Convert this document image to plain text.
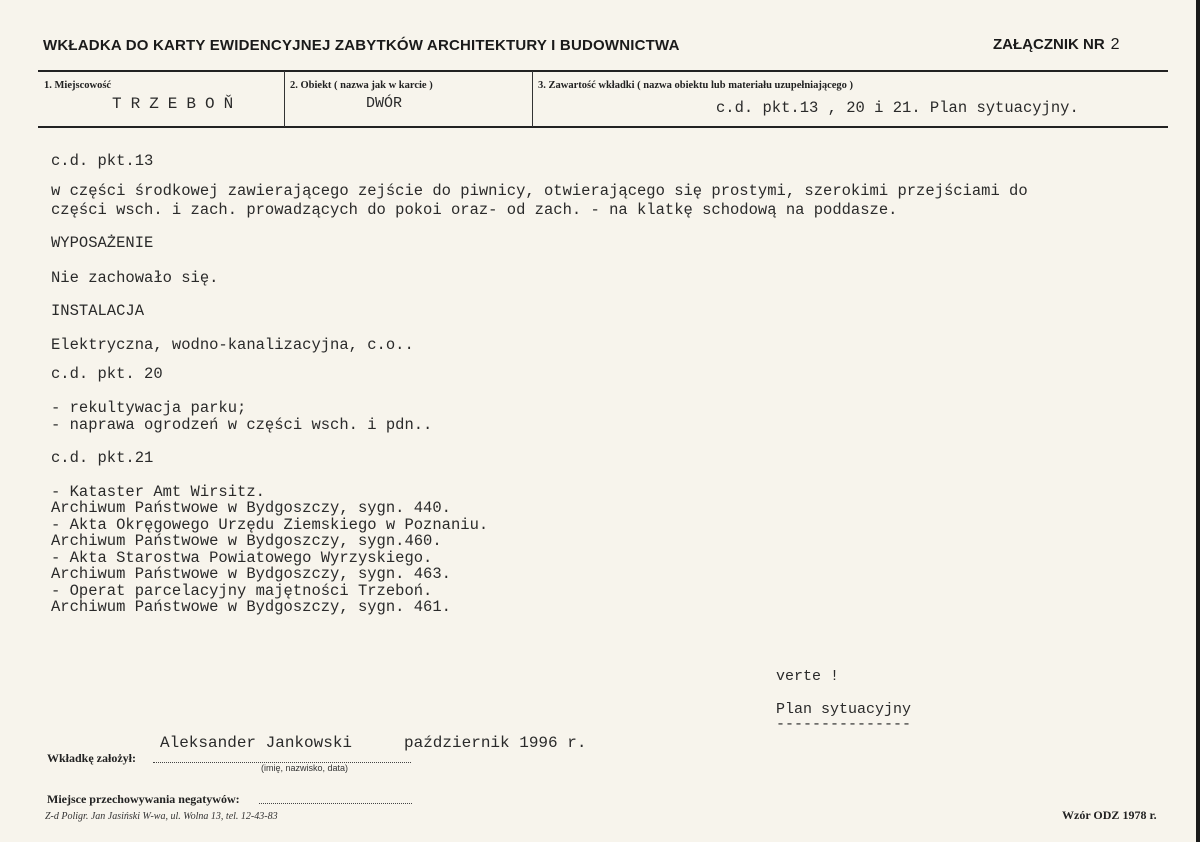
WKŁADKA DO KARTY EWIDENCYJNEJ ZABYTKÓW ARCHITEKTURY I BUDOWNICTWA	ZAŁĄCZNIK NR 2
1. Miejscowość	2. Obiekt ( nazwa jak w karcie )	3. Zawartość wkładki ( nazwa obiektu lub materiału uzupełniającego )
TRZEBOŇ	DWÓR	c.d. pkt.13 , 20 i 21. Plan sytuacyjny.

c.d. pkt.13

w części środkowej zawierającego zejście do piwnicy, otwierającego się prostymi, szerokimi przejściami do

części wsch. i zach. prowadzących do pokoi oraz- od zach. - na klatkę schodową na poddasze.

WYPOSAŻENIE

Nie zachowało się.

INSTALACJA

Elektryczna, wodno-kanalizacyjna, c.o..

c.d. pkt. 20

- rekultywacja parku;

- naprawa ogrodzeń w części wsch. i pdn..

c.d. pkt.21

- Kataster Amt Wirsitz.

Archiwum Państwowe w Bydgoszczy, sygn. 440.

- Akta Okręgowego Urzędu Ziemskiego w Poznaniu.

Archiwum Państwowe w Bydgoszczy, sygn.460.

- Akta Starostwa Powiatowego Wyrzyskiego.

Archiwum Państwowe w Bydgoszczy, sygn. 463.

- Operat parcelacyjny majętności Trzeboń.

Archiwum Państwowe w Bydgoszczy, sygn. 461.

verte !
Plan sytuacyjny
---------------
Aleksander Jankowski	październik 1996 r.
Wkładkę założył:
(imię, nazwisko, data)
Miejsce przechowywania negatywów:
Z-d Poligr. Jan Jasiński W-wa, ul. Wolna 13, tel. 12-43-83	Wzór ODZ 1978 r.
